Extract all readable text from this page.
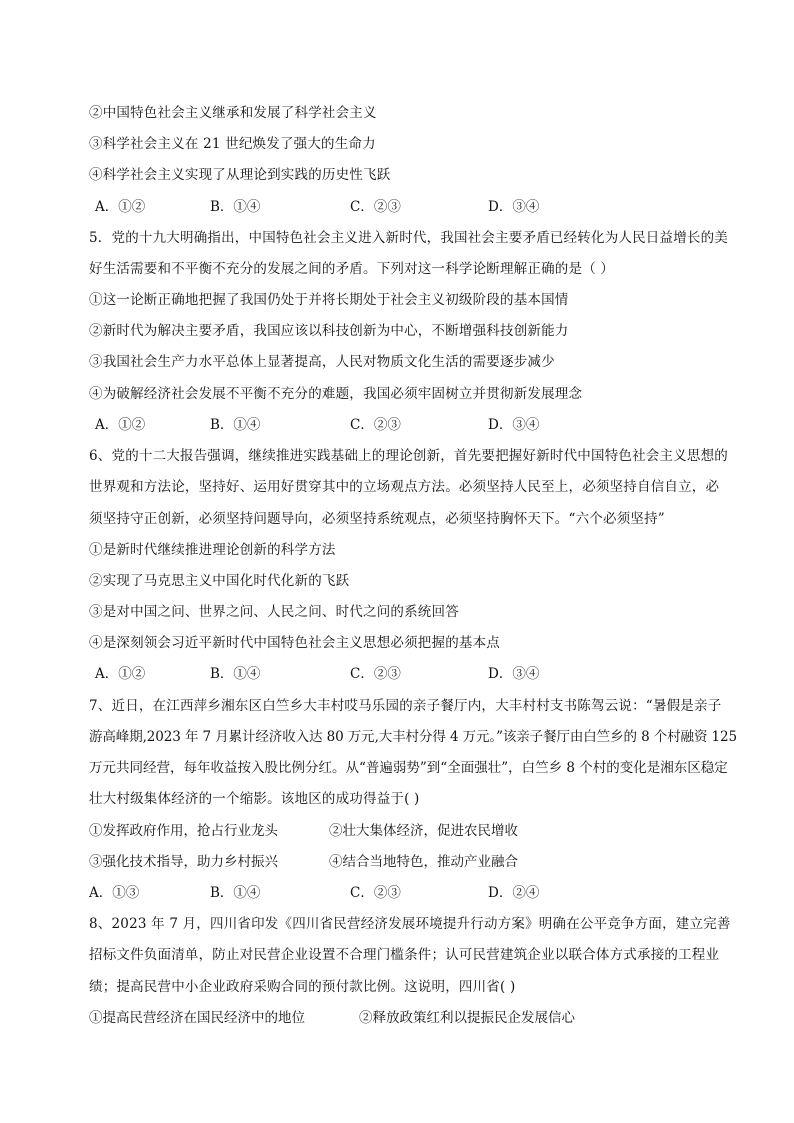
②中国特色社会主义继承和发展了科学社会主义
③科学社会主义在 21 世纪焕发了强大的生命力
④科学社会主义实现了从理论到实践的历史性飞跃
A．①②	B．①④	C．②③	D．③④
5．党的十九大明确指出，中国特色社会主义进入新时代，我国社会主要矛盾已经转化为人民日益增长的美
好生活需要和不平衡不充分的发展之间的矛盾。下列对这一科学论断理解正确的是（ ）
①这一论断正确地把握了我国仍处于并将长期处于社会主义初级阶段的基本国情
②新时代为解决主要矛盾，我国应该以科技创新为中心，不断增强科技创新能力
③我国社会生产力水平总体上显著提高，人民对物质文化生活的需要逐步减少
④为破解经济社会发展不平衡不充分的难题，我国必须牢固树立并贯彻新发展理念
A．①②	B．①④	C．②③	D．③④
6、党的十二大报告强调，继续推进实践基础上的理论创新，首先要把握好新时代中国特色社会主义思想的
世界观和方法论，坚持好、运用好贯穿其中的立场观点方法。必须坚持人民至上，必须坚持自信自立，必
须坚持守正创新，必须坚持问题导向，必须坚持系统观点，必须坚持胸怀天下。“六个必须坚持”
①是新时代继续推进理论创新的科学方法
②实现了马克思主义中国化时代化新的飞跃
③是对中国之问、世界之问、人民之问、时代之问的系统回答
④是深刻领会习近平新时代中国特色社会主义思想必须把握的基本点
A．①②	B．①④	C．②③	D．③④
7、近日，在江西萍乡湘东区白竺乡大丰村哎马乐园的亲子餐厅内，大丰村村支书陈驾云说：“暑假是亲子
游高峰期,2023 年 7 月累计经济收入达 80 万元,大丰村分得 4 万元。”该亲子餐厅由白竺乡的 8 个村融资 125
万元共同经营，每年收益按入股比例分红。从“普遍弱势”到“全面强壮”，白竺乡 8 个村的变化是湘东区稳定
壮大村级集体经济的一个缩影。该地区的成功得益于( )
①发挥政府作用，抢占行业龙头	②壮大集体经济，促进农民增收
③强化技术指导，助力乡村振兴	④结合当地特色，推动产业融合
A．①③	B．①④	C．②③	D．②④
8、2023 年 7 月，四川省印发《四川省民营经济发展环境提升行动方案》明确在公平竞争方面，建立完善
招标文件负面清单，防止对民营企业设置不合理门槛条件；认可民营建筑企业以联合体方式承接的工程业
绩；提高民营中小企业政府采购合同的预付款比例。这说明，四川省( )
①提高民营经济在国民经济中的地位	②释放政策红利以提振民企发展信心
